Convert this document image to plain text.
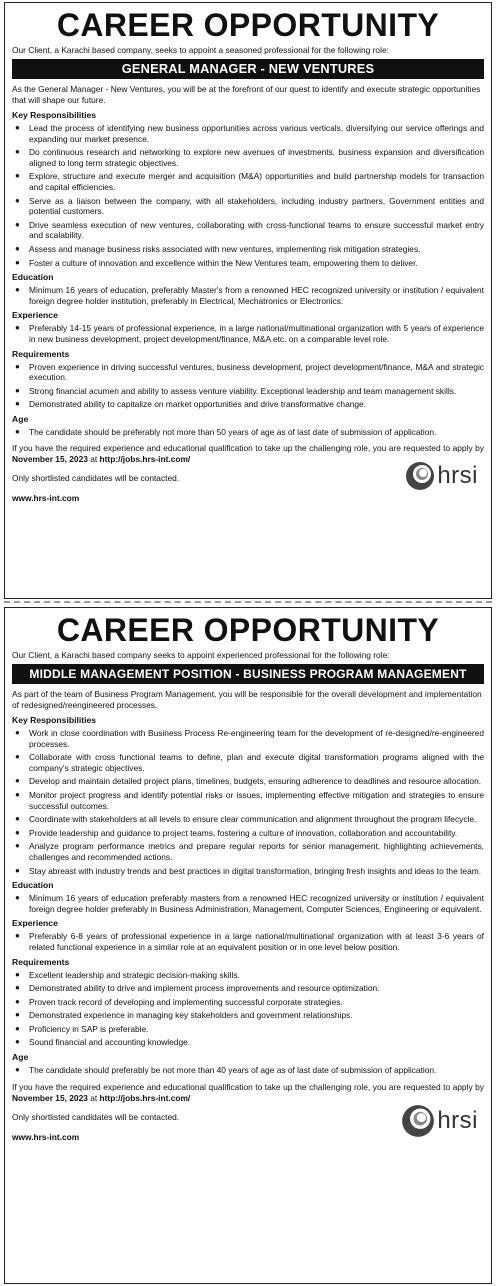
CAREER OPPORTUNITY
Our Client, a Karachi based company, seeks to appoint a seasoned professional for the following role:
GENERAL MANAGER - NEW VENTURES

As the General Manager - New Ventures, you will be at the forefront of our quest to identify and execute strategic opportunities that will shape our future.

Key Responsibilities
● Lead the process of identifying new business opportunities across various verticals, diversifying our service offerings and expanding our market presence.
● Do continuous research and networking to explore new avenues of investments, business expansion and diversification aligned to long term strategic objectives.
● Explore, structure and execute merger and acquisition (M&A) opportunities and build partnership models for transaction and capital efficiencies.
● Serve as a liaison between the company, with all stakeholders, including industry partners, Government entities and potential customers.
● Drive seamless execution of new ventures, collaborating with cross-functional teams to ensure successful market entry and scalability.
● Assess and manage business risks associated with new ventures, implementing risk mitigation strategies.
● Foster a culture of innovation and excellence within the New Ventures team, empowering them to deliver.
Education
● Minimum 16 years of education, preferably Master's from a renowned HEC recognized university or institution / equivalent foreign degree holder institution, preferably in Electrical, Mechatronics or Electronics.
Experience
● Preferably 14-15 years of professional experience, in a large national/multinational organization with 5 years of experience in new business development, project development/finance, M&A etc. on a comparable level role.
Requirements
● Proven experience in driving successful ventures, business development, project development/finance, M&A and strategic execution.
● Strong financial acumen and ability to assess venture viability. Exceptional leadership and team management skills.
● Demonstrated ability to capitalize on market opportunities and drive transformative change.
Age
● The candidate should be preferably not more than 50 years of age as of last date of submission of application.

If you have the required experience and educational qualification to take up the challenging role, you are requested to apply by November 15, 2023 at http://jobs.hrs-int.com/

Only shortlisted candidates will be contacted.

www.hrs-int.com

hrsi
CAREER OPPORTUNITY
Our Client, a Karachi based company seeks to appoint experienced professional for the following role:
MIDDLE MANAGEMENT POSITION - BUSINESS PROGRAM MANAGEMENT

As part of the team of Business Program Management, you will be responsible for the overall development and implementation of redesigned/reengineered processes.

Key Responsibilities
● Work in close coordination with Business Process Re-engineering team for the development of re-designed/re-engineered processes.
● Collaborate with cross functional teams to define, plan and execute digital transformation programs aligned with the company's strategic objectives.
● Develop and maintain detailed project plans, timelines, budgets, ensuring adherence to deadlines and resource allocation.
● Monitor project progress and identify potential risks or issues, implementing effective mitigation and strategies to ensure successful outcomes.
● Coordinate with stakeholders at all levels to ensure clear communication and alignment throughout the program lifecycle.
● Provide leadership and guidance to project teams, fostering a culture of innovation, collaboration and accountability.
● Analyze program performance metrics and prepare regular reports for senior management, highlighting achievements, challenges and recommended actions.
● Stay abreast with industry trends and best practices in digital transformation, bringing fresh insights and ideas to the team.
Education
● Minimum 16 years of education preferably masters from a renowned HEC recognized university or institution / equivalent foreign degree holder preferably in Business Administration, Management, Computer Sciences, Engineering or equivalent.
Experience
● Preferably 6-8 years of professional experience in a large national/multinational organization with at least 3-6 years of related functional experience in a similar role at an equivalent position or in one level below position.
Requirements
● Excellent leadership and strategic decision-making skills.
● Demonstrated ability to drive and implement process improvements and resource optimization.
● Proven track record of developing and implementing successful corporate strategies.
● Demonstrated experience in managing key stakeholders and government relationships.
● Proficiency in SAP is preferable.
● Sound financial and accounting knowledge.
Age
● The candidate should preferably be not more than 40 years of age as of last date of submission of application.

If you have the required experience and educational qualification to take up the challenging role, you are requested to apply by November 15, 2023 at http://jobs.hrs-int.com/

Only shortlisted candidates will be contacted.

www.hrs-int.com

hrsi
